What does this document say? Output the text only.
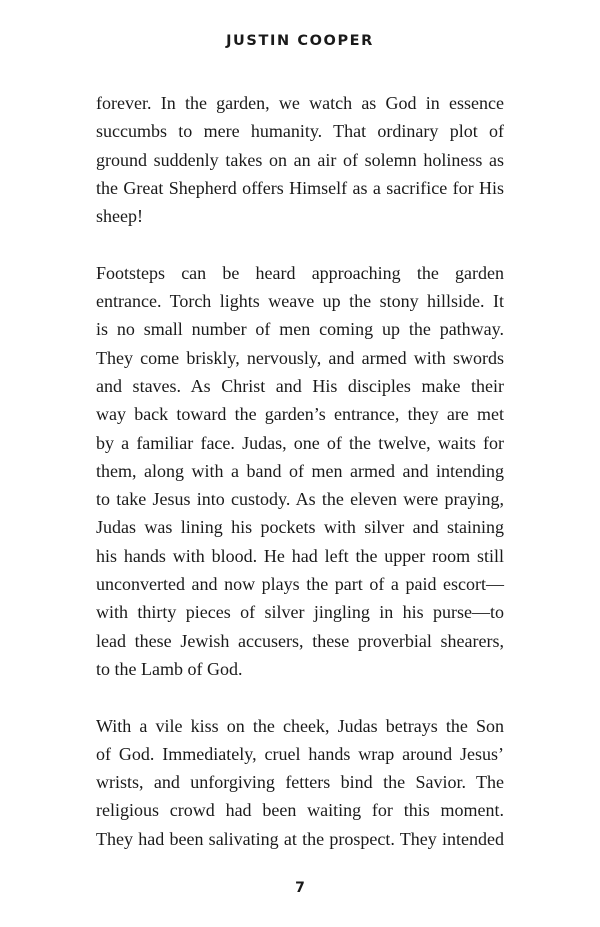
JUSTIN COOPER

forever. In the garden, we watch as God in essence
succumbs to mere humanity. That ordinary plot of
ground suddenly takes on an air of solemn holiness as
the Great Shepherd offers Himself as a sacrifice for His
sheep!

Footsteps can be heard approaching the garden
entrance. Torch lights weave up the stony hillside. It
is no small number of men coming up the pathway.
They come briskly, nervously, and armed with swords
and staves. As Christ and His disciples make their
way back toward the garden’s entrance, they are met
by a familiar face. Judas, one of the twelve, waits for
them, along with a band of men armed and intending
to take Jesus into custody. As the eleven were praying,
Judas was lining his pockets with silver and staining
his hands with blood. He had left the upper room still
unconverted and now plays the part of a paid escort—
with thirty pieces of silver jingling in his purse—to
lead these Jewish accusers, these proverbial shearers,
to the Lamb of God.

With a vile kiss on the cheek, Judas betrays the Son
of God. Immediately, cruel hands wrap around Jesus’
wrists, and unforgiving fetters bind the Savior. The
religious crowd had been waiting for this moment.
They had been salivating at the prospect. They intended

7
